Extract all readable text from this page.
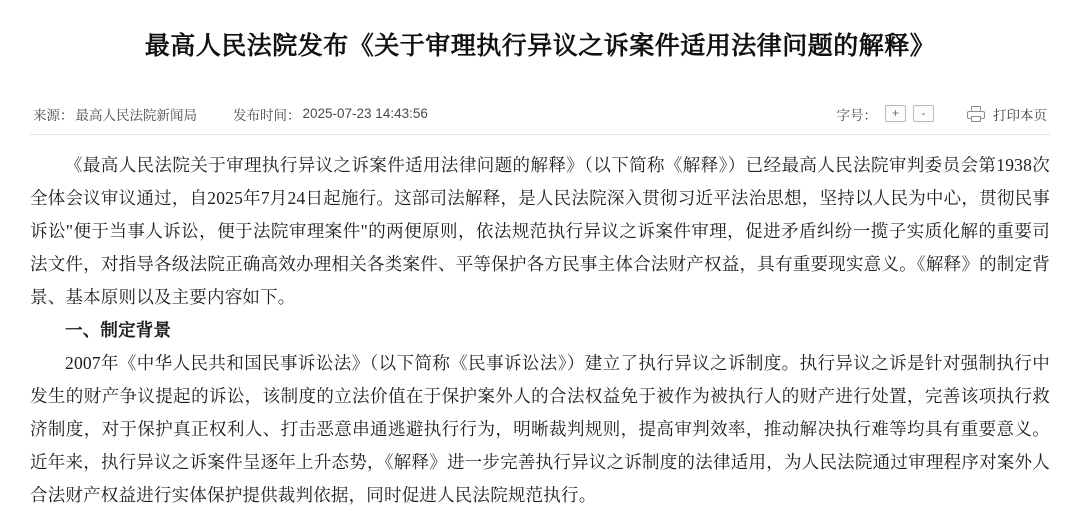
最高人民法院发布《关于审理执行异议之诉案件适用法律问题的解释》
来源： 最高人民法院新闻局	发布时间： 2025-07-23 14:43:56	字号：	+	-	打印本页

《最高人民法院关于审理执行异议之诉案件适用法律问题的解释》（以下简称《解释》）已经最高人民法院审判委员会第1938次全体会议审议通过，自2025年7月24日起施行。这部司法解释，是人民法院深入贯彻习近平法治思想，坚持以人民为中心，贯彻民事诉讼"便于当事人诉讼，便于法院审理案件"的两便原则，依法规范执行异议之诉案件审理，促进矛盾纠纷一揽子实质化解的重要司法文件，对指导各级法院正确高效办理相关各类案件、平等保护各方民事主体合法财产权益，具有重要现实意义。《解释》的制定背景、基本原则以及主要内容如下。

一、制定背景

2007年《中华人民共和国民事诉讼法》（以下简称《民事诉讼法》）建立了执行异议之诉制度。执行异议之诉是针对强制执行中发生的财产争议提起的诉讼，该制度的立法价值在于保护案外人的合法权益免于被作为被执行人的财产进行处置，完善该项执行救济制度，对于保护真正权利人、打击恶意串通逃避执行行为，明晰裁判规则，提高审判效率，推动解决执行难等均具有重要意义。近年来，执行异议之诉案件呈逐年上升态势，《解释》进一步完善执行异议之诉制度的法律适用，为人民法院通过审理程序对案外人合法财产权益进行实体保护提供裁判依据，同时促进人民法院规范执行。
